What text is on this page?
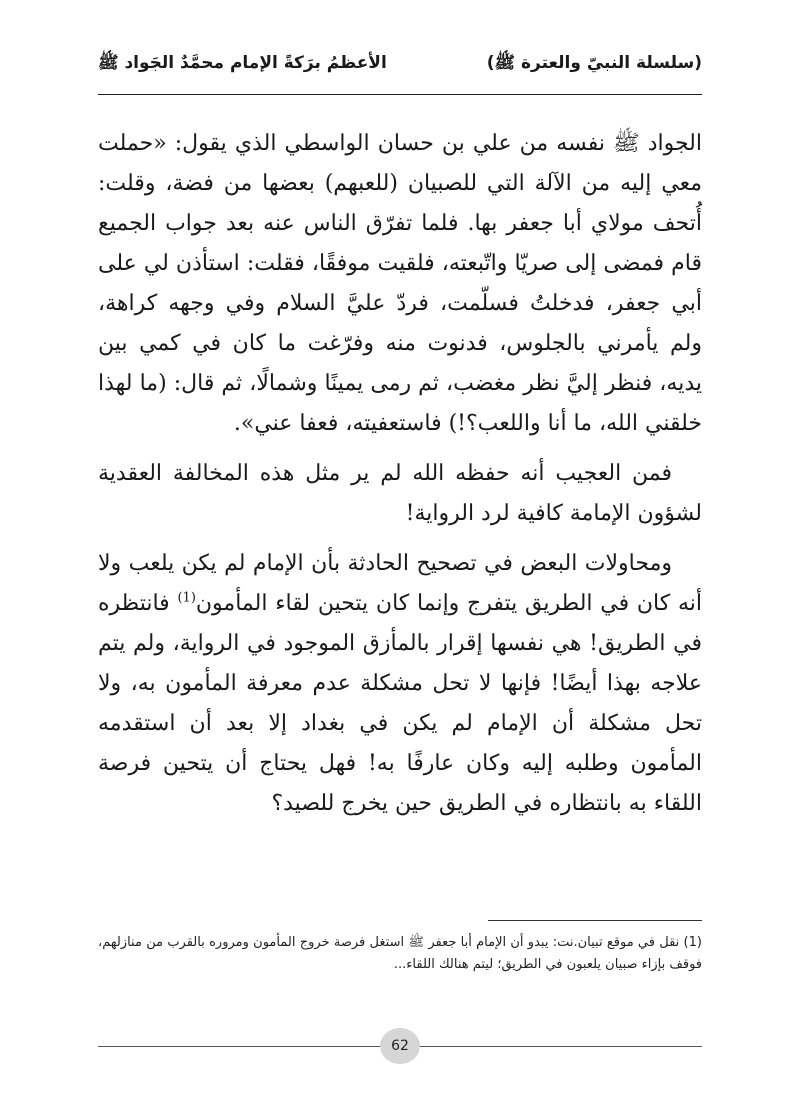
(سلسلة النبيّ والعترة ﷺ)
الأعظمُ برَكةً الإمام محمَّدٌ الجَواد ﷺ

الجواد ﷺ نفسه من علي بن حسان الواسطي الذي يقول: «حملت معي إليه من الآلة التي للصبيان (للعبهم) بعضها من فضة، وقلت: أُتحف مولاي أبا جعفر بها. فلما تفرّق الناس عنه بعد جواب الجميع قام فمضى إلى صريّا واتّبعته، فلقيت موفقًا، فقلت: استأذن لي على أبي جعفر، فدخلتُ فسلّمت، فردّ عليَّ السلام وفي وجهه كراهة، ولم يأمرني بالجلوس، فدنوت منه وفرّغت ما كان في كمي بين يديه، فنظر إليَّ نظر مغضب، ثم رمى يمينًا وشمالًا، ثم قال: (ما لهذا خلقني الله، ما أنا واللعب؟!) فاستعفيته، فعفا عني».

فمن العجيب أنه حفظه الله لم ير مثل هذه المخالفة العقدية لشؤون الإمامة كافية لرد الرواية!

ومحاولات البعض في تصحيح الحادثة بأن الإمام لم يكن يلعب ولا أنه كان في الطريق يتفرج وإنما كان يتحين لقاء المأمون$^{(1)}$ فانتظره في الطريق! هي نفسها إقرار بالمأزق الموجود في الرواية، ولم يتم علاجه بهذا أيضًا! فإنها لا تحل مشكلة عدم معرفة المأمون به، ولا تحل مشكلة أن الإمام لم يكن في بغداد إلا بعد أن استقدمه المأمون وطلبه إليه وكان عارفًا به! فهل يحتاج أن يتحين فرصة اللقاء به بانتظاره في الطريق حين يخرج للصيد؟

(1) نقل في موقع تبيان.نت: يبدو أن الإمام أبا جعفر ﷺ استغل فرصة خروج المأمون ومروره بالقرب من منازلهم، فوقف بإزاء صبيان يلعبون في الطريق؛ ليتم هنالك اللقاء...
62
